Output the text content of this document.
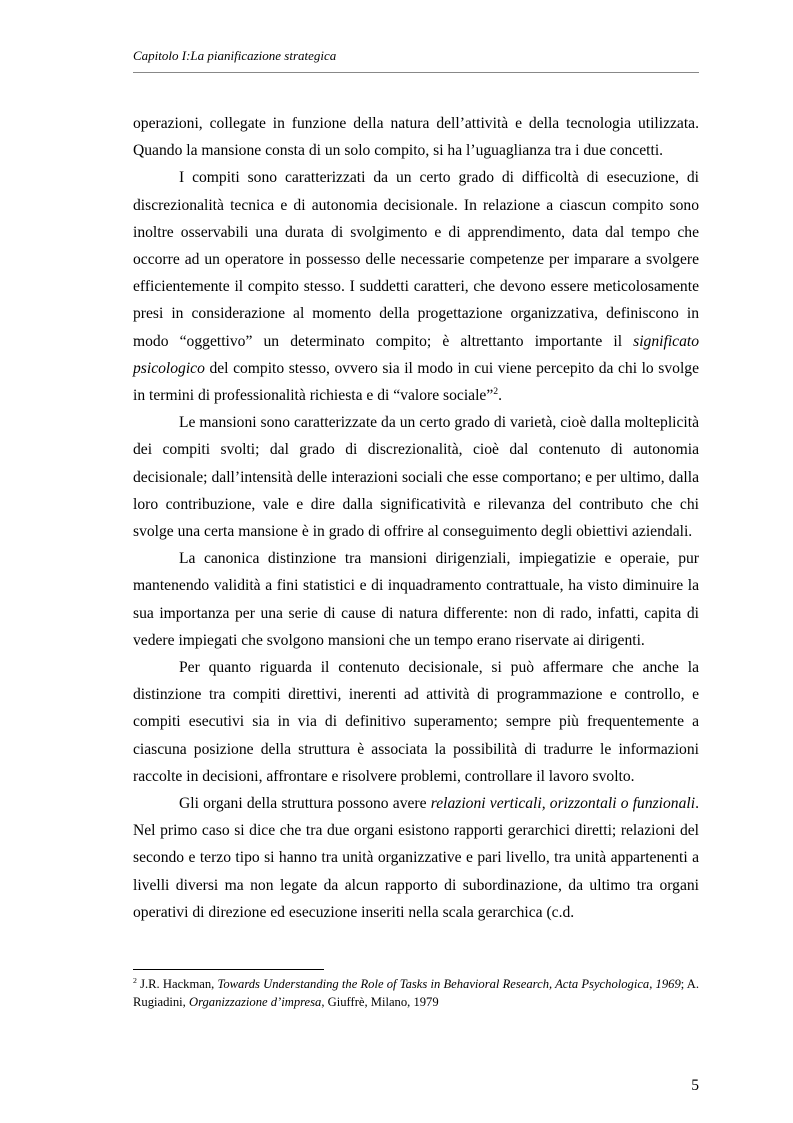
Capitolo I:La pianificazione strategica

operazioni, collegate in funzione della natura dell’attività e della tecnologia utilizzata. Quando la mansione consta di un solo compito, si ha l’uguaglianza tra i due concetti.

I compiti sono caratterizzati da un certo grado di difficoltà di esecuzione, di discrezionalità tecnica e di autonomia decisionale. In relazione a ciascun compito sono inoltre osservabili una durata di svolgimento e di apprendimento, data dal tempo che occorre ad un operatore in possesso delle necessarie competenze per imparare a svolgere efficientemente il compito stesso. I suddetti caratteri, che devono essere meticolosamente presi in considerazione al momento della progettazione organizzativa, definiscono in modo “oggettivo” un determinato compito; è altrettanto importante il significato psicologico del compito stesso, ovvero sia il modo in cui viene percepito da chi lo svolge in termini di professionalità richiesta e di “valore sociale”$^2$.

Le mansioni sono caratterizzate da un certo grado di varietà, cioè dalla molteplicità dei compiti svolti; dal grado di discrezionalità, cioè dal contenuto di autonomia decisionale; dall’intensità delle interazioni sociali che esse comportano; e per ultimo, dalla loro contribuzione, vale e dire dalla significatività e rilevanza del contributo che chi svolge una certa mansione è in grado di offrire al conseguimento degli obiettivi aziendali.

La canonica distinzione tra mansioni dirigenziali, impiegatizie e operaie, pur mantenendo validità a fini statistici e di inquadramento contrattuale, ha visto diminuire la sua importanza per una serie di cause di natura differente: non di rado, infatti, capita di vedere impiegati che svolgono mansioni che un tempo erano riservate ai dirigenti.

Per quanto riguarda il contenuto decisionale, si può affermare che anche la distinzione tra compiti direttivi, inerenti ad attività di programmazione e controllo, e compiti esecutivi sia in via di definitivo superamento; sempre più frequentemente a ciascuna posizione della struttura è associata la possibilità di tradurre le informazioni raccolte in decisioni, affrontare e risolvere problemi, controllare il lavoro svolto.

Gli organi della struttura possono avere relazioni verticali, orizzontali o funzionali. Nel primo caso si dice che tra due organi esistono rapporti gerarchici diretti; relazioni del secondo e terzo tipo si hanno tra unità organizzative e pari livello, tra unità appartenenti a livelli diversi ma non legate da alcun rapporto di subordinazione, da ultimo tra organi operativi di direzione ed esecuzione inseriti nella scala gerarchica (c.d.

$^2$ J.R. Hackman, Towards Understanding the Role of Tasks in Behavioral Research, Acta Psychologica, 1969; A. Rugiadini, Organizzazione d’impresa, Giuffrè, Milano, 1979
5
